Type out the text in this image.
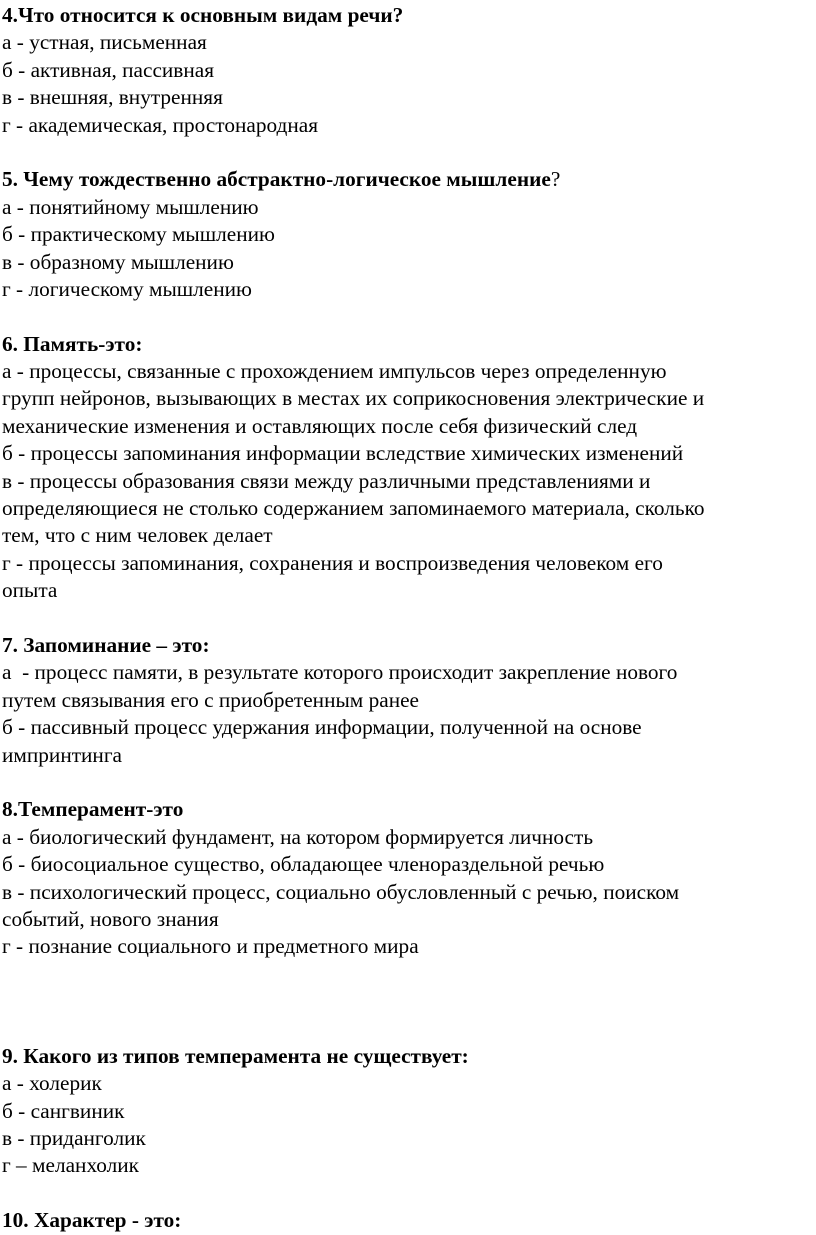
4.Что относится к основным видам речи?
а - устная, письменная
б - активная, пассивная
в - внешняя, внутренняя
г - академическая, простонародная
5. Чему тождественно абстрактно-логическое мышление?
а - понятийному мышлению
б - практическому мышлению
в - образному мышлению
г - логическому мышлению
6. Память-это:
а - процессы, связанные с прохождением импульсов через определенную
групп нейронов, вызывающих в местах их соприкосновения электрические и
механические изменения и оставляющих после себя физический след
б - процессы запоминания информации вследствие химических изменений
в - процессы образования связи между различными представлениями и
определяющиеся не столько содержанием запоминаемого материала, сколько
тем, что с ним человек делает
г - процессы запоминания, сохранения и воспроизведения человеком его
опыта
7. Запоминание – это:
а  - процесс памяти, в результате которого происходит закрепление нового
путем связывания его с приобретенным ранее
б - пассивный процесс удержания информации, полученной на основе
импринтинга
8.Темперамент-это
а - биологический фундамент, на котором формируется личность
б - биосоциальное существо, обладающее членораздельной речью
в - психологический процесс, социально обусловленный с речью, поиском
событий, нового знания
г - познание социального и предметного мира
9. Какого из типов темперамента не существует:
а - холерик
б - сангвиник
в - приданголик
г – меланхолик
10. Характер - это:
